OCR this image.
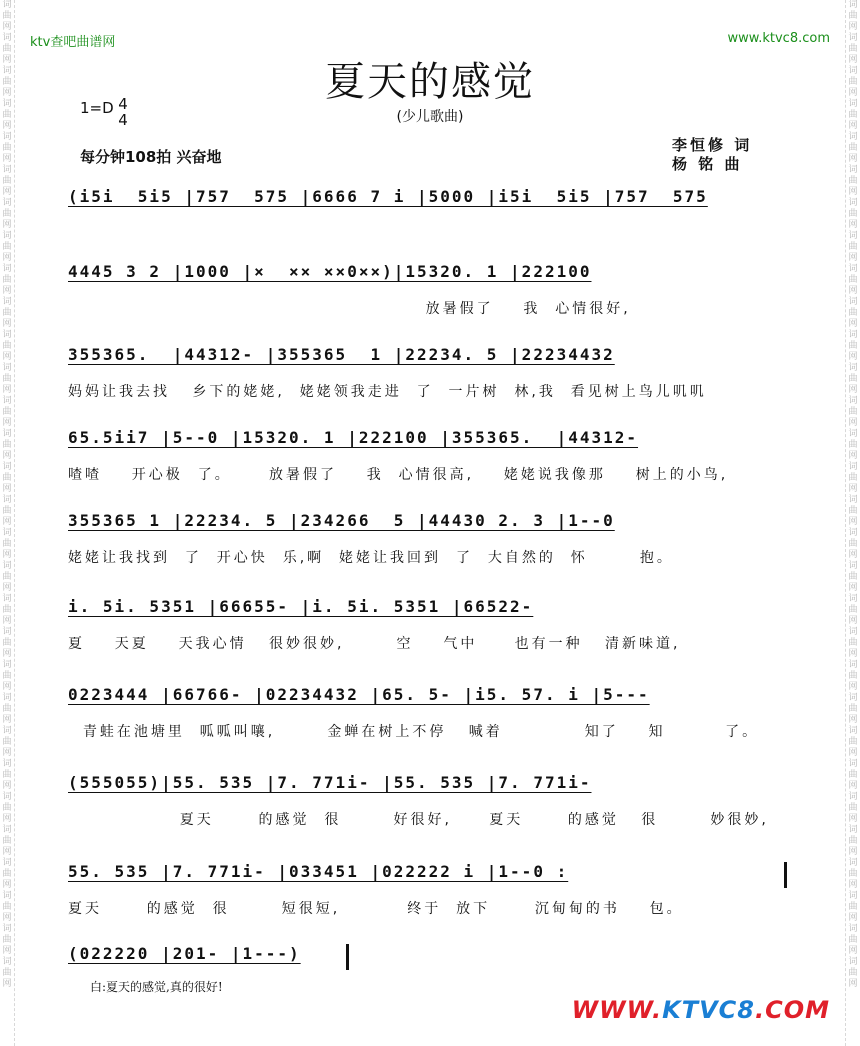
词曲网词曲网词曲网词曲网词曲网词曲网词曲网词曲网词曲网词曲网词曲网词曲网词曲网词曲网词曲网词曲网词曲网词曲网词曲网词曲网词曲网词曲网词曲网词曲网词曲网词曲网词曲网词曲网词曲网词曲网
词曲网词曲网词曲网词曲网词曲网词曲网词曲网词曲网词曲网词曲网词曲网词曲网词曲网词曲网词曲网词曲网词曲网词曲网词曲网词曲网词曲网词曲网词曲网词曲网词曲网词曲网词曲网词曲网词曲网词曲网
ktv查吧曲谱网	www.ktvc8.com
夏天的感觉
1=D 4
4	(少儿歌曲)
每分钟108拍 兴奋地
李恒修 词
杨 铭 曲
(i5i  5i5 |757  575 |6666 7 i |5000 |i5i  5i5 |757  575
4445 3 2 |1000 |×  ×× ××0××)|15320. 1 |222100
放暑假了    我  心情很好,
355365.  |44312- |355365  1 |22234. 5 |22234432
妈妈让我去找   乡下的姥姥,  姥姥领我走进  了  一片树  林,我  看见树上鸟儿叽叽
65.5ii7 |5--0 |15320. 1 |222100 |355365.  |44312-
喳喳    开心极  了。     放暑假了    我  心情很高,    姥姥说我像那    树上的小鸟,
355365 1 |22234. 5 |234266  5 |44430 2. 3 |1--0
姥姥让我找到  了  开心快  乐,啊  姥姥让我回到  了  大自然的  怀       抱。
i. 5i. 5351 |66655- |i. 5i. 5351 |66522-
夏    天夏    天我心情   很妙很妙,       空    气中     也有一种   清新味道,
0223444 |66766- |02234432 |65. 5- |i5. 57. i |5---
青蛙在池塘里  呱呱叫嚷,       金蝉在树上不停   喊着           知了    知        了。
(555055)|55. 535 |7. 771i- |55. 535 |7. 771i-
夏天      的感觉  很       好很好,     夏天      的感觉   很       妙很妙,
55. 535 |7. 771i- |033451 |022222 i |1--0 :
夏天      的感觉  很       短很短,         终于  放下      沉甸甸的书    包。
(022220 |201- |1---)
白:夏天的感觉,真的很好!
WWW.KTVC8.COM
